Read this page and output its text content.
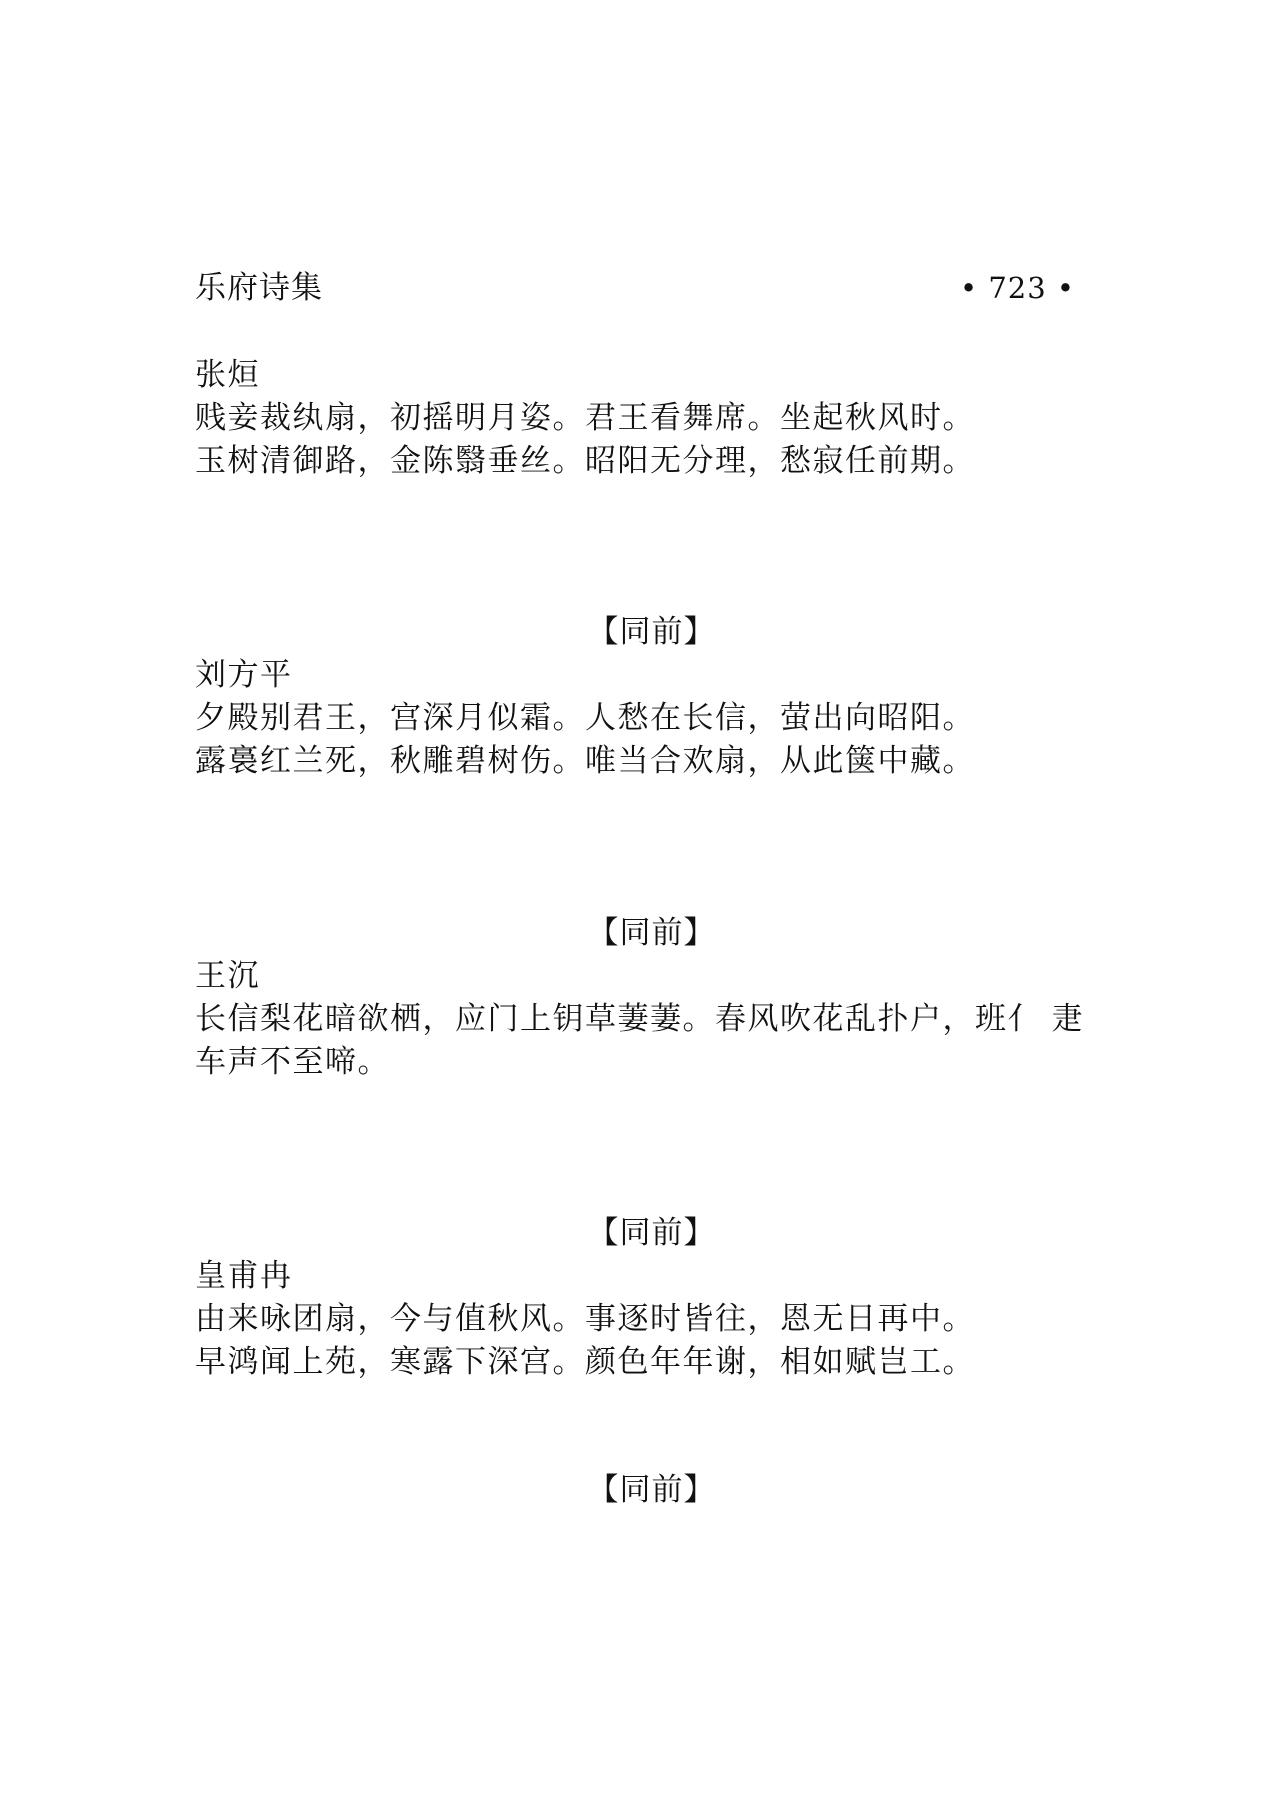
乐府诗集	• 723 •
张烜
贱妾裁纨扇，初摇明月姿。君王看舞席。坐起秋风时。
玉树清御路，金陈翳垂丝。昭阳无分理，愁寂任前期。
【同前】
刘方平
夕殿别君王，宫深月似霜。人愁在长信，萤出向昭阳。
露裛红兰死，秋雕碧树伤。唯当合欢扇，从此箧中藏。
【同前】
王沉
长信梨花暗欲栖，应门上钥草萋萋。春风吹花乱扑户，班亻 疌
车声不至啼。
【同前】
皇甫冉
由来咏团扇，今与值秋风。事逐时皆往，恩无日再中。
早鸿闻上苑，寒露下深宫。颜色年年谢，相如赋岂工。
【同前】
